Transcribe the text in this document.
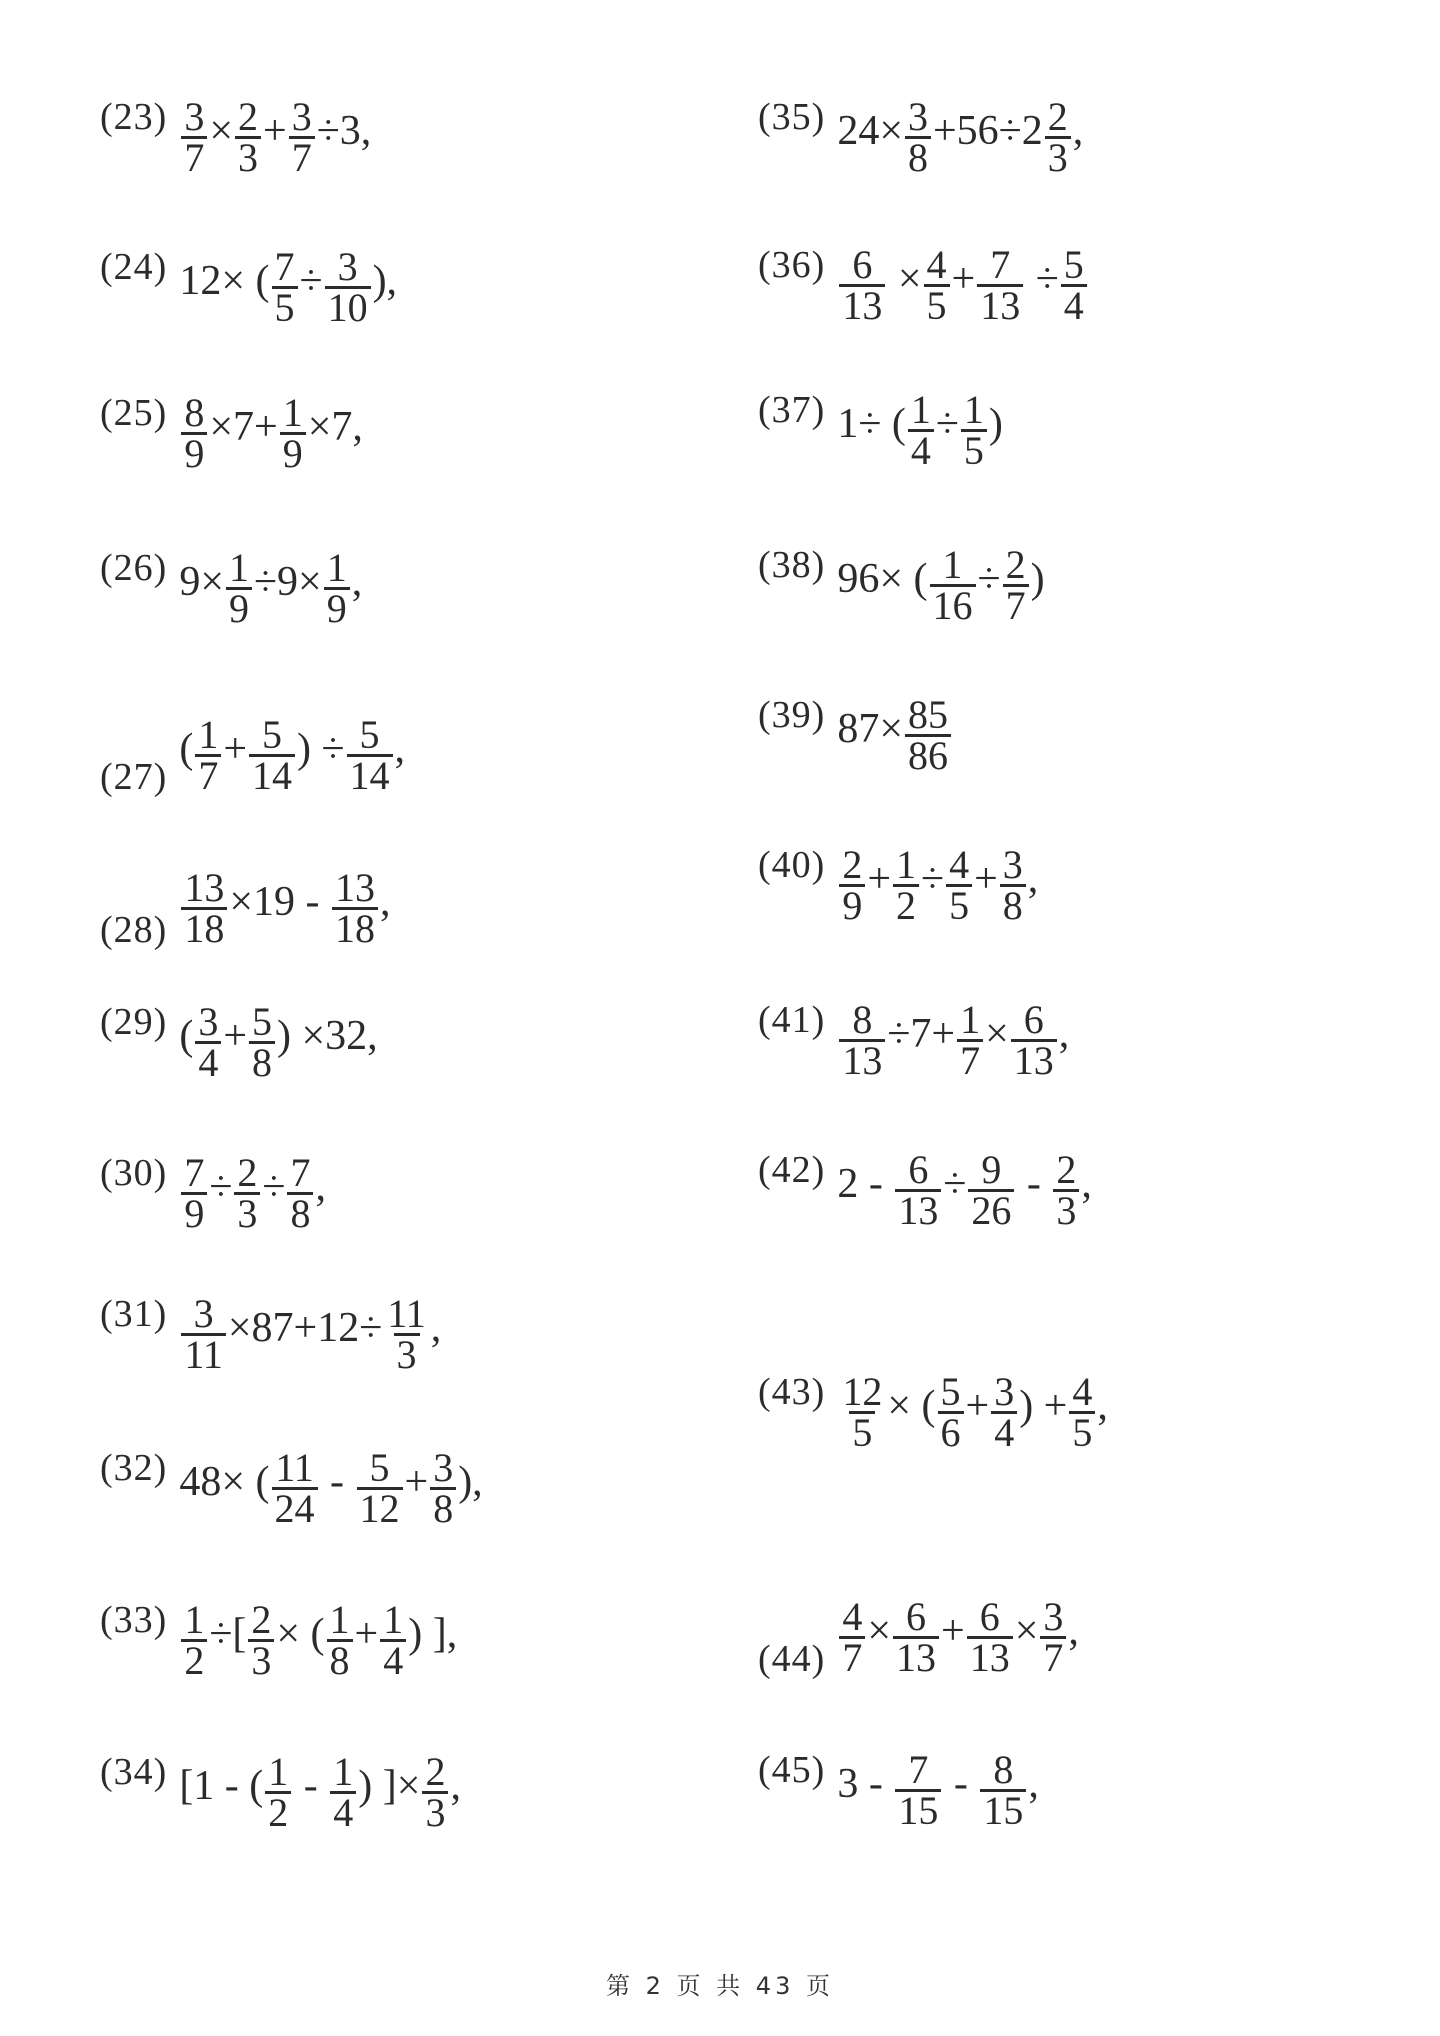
第 2 页 共 43 页
$(23) \frac{3}{7} \times \frac{2}{3} + \frac{3}{7} \div 3$,
(24) 12× ( $\frac{7}{5} \div \frac{3}{10}$ ),
$(25) \frac{8}{9} \times 7+ \frac{1}{9} \times 7$,
(26) $9\times \frac{1}{9} \div 9\times \frac{1}{9}$ ,
(27)
( $\frac{1}{7} + \frac{5}{14}$ ) ÷ $\frac{5}{14}$ ,
$(28) \frac{13}{18} \times 19 - \frac{13}{18}$ ,
(29) ( $\frac{3}{4} + \frac{5}{8}$ ) ×32,
$(30) \frac{7}{9} \div \frac{2}{3} \div \frac{7}{8}$ ,
$(31) \frac{3}{11} \times 87+12\div \frac{11}{3}$ ,
(32) 48× ( $\frac{11}{24} - \frac{5}{12} + \frac{3}{8}$ ),
$(33) \frac{1}{2}$ ÷[ $\frac{2}{3}$ × ( $\frac{1}{8} + \frac{1}{4}$ ) ],
(34) [1 - ( $\frac{1}{2} - \frac{1}{4}$ ) ]× $\frac{2}{3}$ ,
(35) $24\times \frac{3}{8} +56\div 2 \frac{2}{3}$ ,
$(36) \frac{6}{13} \times \frac{4}{5} + \frac{7}{13} \div \frac{5}{4}$
(37) 1÷ ( $\frac{1}{4} \div \frac{1}{5}$ )
(38) 96× ( $\frac{1}{16} \div \frac{2}{7}$ )
(39) $87\times \frac{85}{86}$
$(40) \frac{2}{9} + \frac{1}{2} \div \frac{4}{5} + \frac{3}{8}$ ,
$(41) \frac{8}{13} \div 7+ \frac{1}{7} \times \frac{6}{13}$ ,
(42) $2 - \frac{6}{13} \div \frac{9}{26} - \frac{2}{3}$ ,
$(43) \frac{12}{5}$ × ( $\frac{5}{6} + \frac{3}{4}$ ) + $\frac{4}{5}$ ,
$(44) \frac{4}{7} \times \frac{6}{13} + \frac{6}{13} \times \frac{3}{7}$ ,
(45) $3 - \frac{7}{15} - \frac{8}{15}$ ,
